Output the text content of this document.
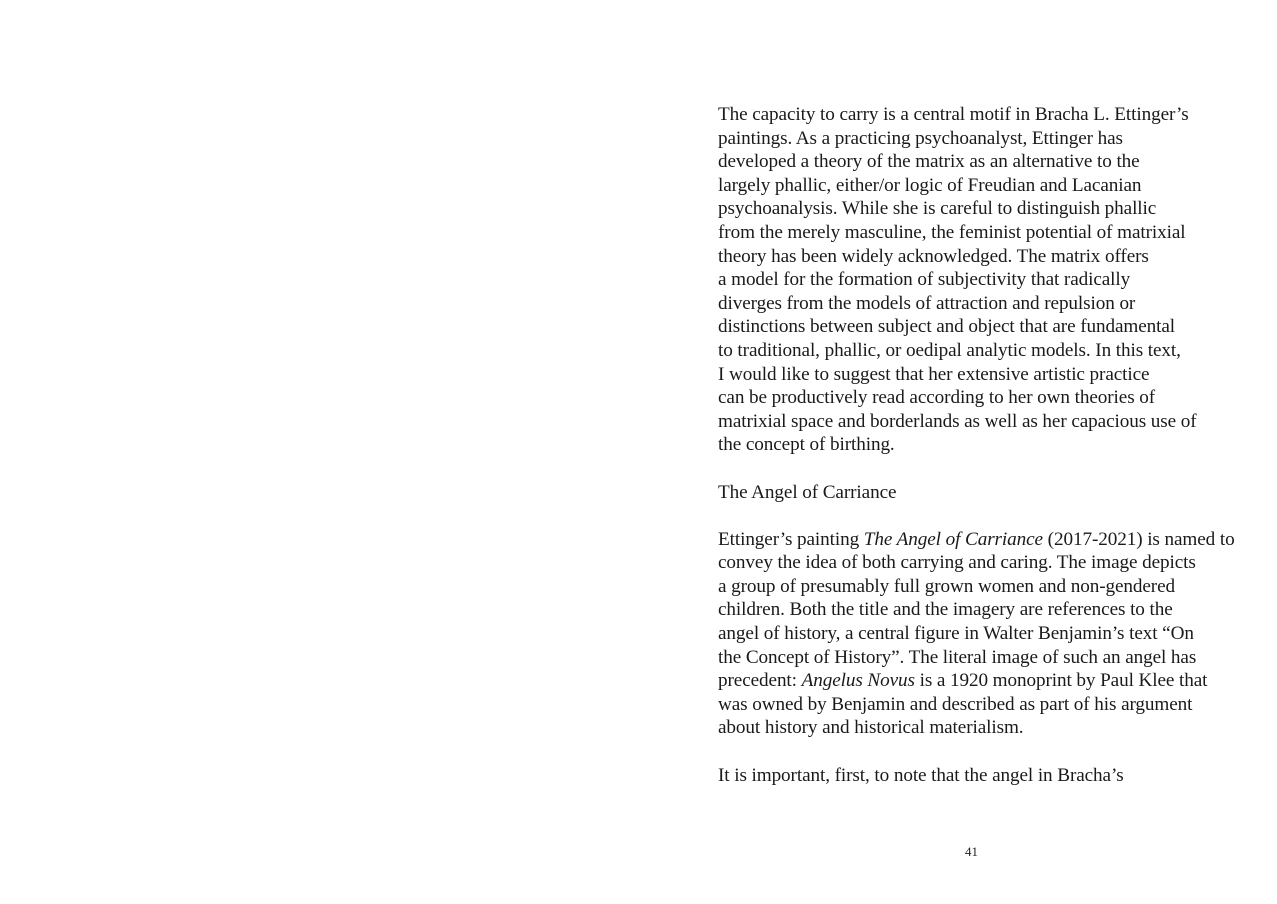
The capacity to carry is a central motif in Bracha L. Ettinger’s
paintings. As a practicing psychoanalyst, Ettinger has
developed a theory of the matrix as an alternative to the
largely phallic, either/or logic of Freudian and Lacanian
psychoanalysis. While she is careful to distinguish phallic
from the merely masculine, the feminist potential of matrixial
theory has been widely acknowledged. The matrix offers
a model for the formation of subjectivity that radically
diverges from the models of attraction and repulsion or
distinctions between subject and object that are fundamental
to traditional, phallic, or oedipal analytic models. In this text,
I would like to suggest that her extensive artistic practice
can be productively read according to her own theories of
matrixial space and borderlands as well as her capacious use of
the concept of birthing.
The Angel of Carriance
Ettinger’s painting The Angel of Carriance (2017-2021) is named to
convey the idea of both carrying and caring. The image depicts
a group of presumably full grown women and non-gendered
children. Both the title and the imagery are references to the
angel of history, a central figure in Walter Benjamin’s text “On
the Concept of History”. The literal image of such an angel has
precedent: Angelus Novus is a 1920 monoprint by Paul Klee that
was owned by Benjamin and described as part of his argument
about history and historical materialism.
It is important, first, to note that the angel in Bracha’s
41
